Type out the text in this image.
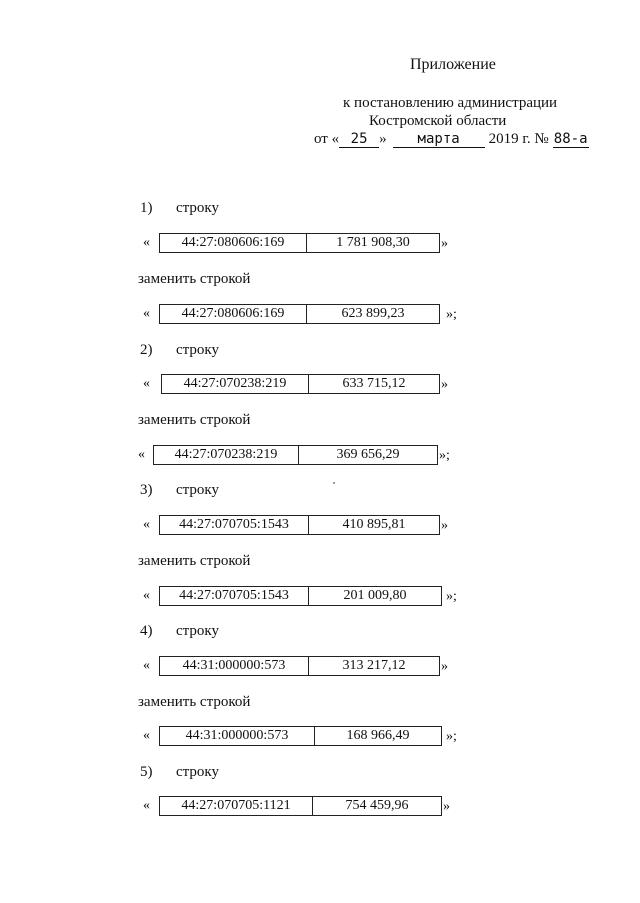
Приложение
к постановлению администрации
Костромской области
от « 25 »	марта	2019 г. № 88-а
1)	строку
«	44:27:080606:169	1 781 908,30	»
заменить строкой
«	44:27:080606:169	623 899,23	»;
2)	строку
«	44:27:070238:219	633 715,12	»
заменить строкой
«	44:27:070238:219	369 656,29	»;
3)	строку
«	44:27:070705:1543	410 895,81	»
заменить строкой
«	44:27:070705:1543	201 009,80	»;
4)	строку
«	44:31:000000:573	313 217,12	»
заменить строкой
«	44:31:000000:573	168 966,49	»;
5)	строку
«	44:27:070705:1121	754 459,96	»
